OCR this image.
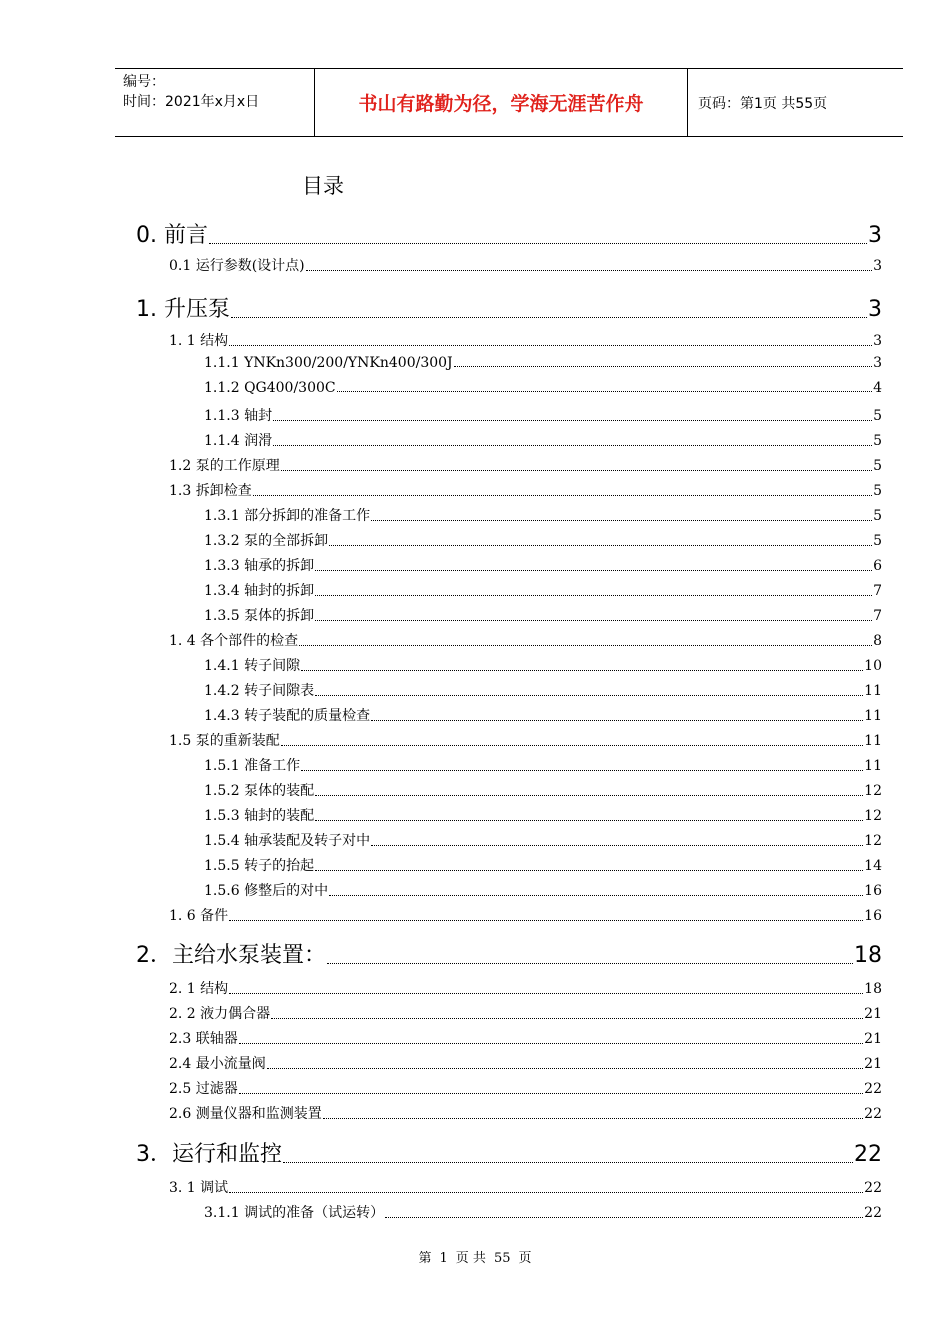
编号：
时间：2021年x月x日	书山有路勤为径，学海无涯苦作舟	页码：第1页 共55页
目录
0. 前言	3
0.1 运行参数(设计点)	3
1. 升压泵	3
1. 1 结构	3
1.1.1 YNKn300/200/YNKn400/300J	3
1.1.2 QG400/300C	4
1.1.3 轴封	5
1.1.4 润滑	5
1.2 泵的工作原理	5
1.3 拆卸检查	5
1.3.1 部分拆卸的准备工作	5
1.3.2 泵的全部拆卸	5
1.3.3 轴承的拆卸	6
1.3.4 轴封的拆卸	7
1.3.5 泵体的拆卸	7
1. 4 各个部件的检查	8
1.4.1 转子间隙	10
1.4.2 转子间隙表	11
1.4.3 转子装配的质量检查	11
1.5 泵的重新装配	11
1.5.1 准备工作	11
1.5.2 泵体的装配	12
1.5.3 轴封的装配	12
1.5.4 轴承装配及转子对中	12
1.5.5 转子的抬起	14
1.5.6 修整后的对中	16
1. 6 备件	16
2．主给水泵装置：	18
2. 1 结构	18
2. 2 液力偶合器	21
2.3 联轴器	21
2.4 最小流量阀	21
2.5 过滤器	22
2.6 测量仪器和监测装置	22
3．运行和监控	22
3. 1 调试	22
3.1.1 调试的准备（试运转）	22
第 1 页 共 55 页
